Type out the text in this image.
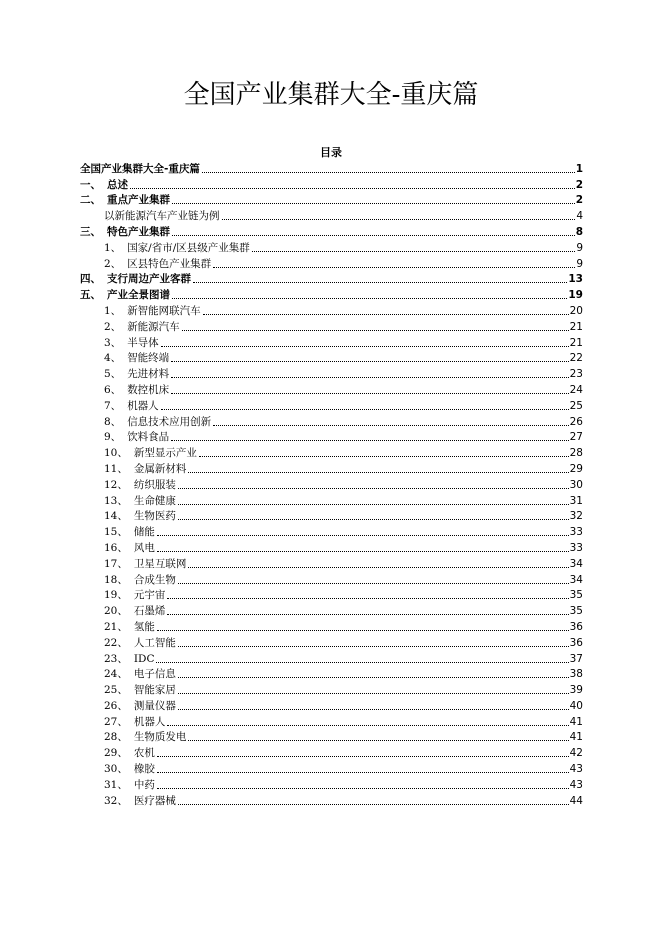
全国产业集群大全-重庆篇
目录
全国产业集群大全-重庆篇	1
一、 总述	2
二、 重点产业集群	2
以新能源汽车产业链为例	4
三、 特色产业集群	8
1、 国家/省市/区县级产业集群	9
2、 区县特色产业集群	9
四、 支行周边产业客群	13
五、 产业全景图谱	19
1、 新智能网联汽车	20
2、 新能源汽车	21
3、 半导体	21
4、 智能终端	22
5、 先进材料	23
6、 数控机床	24
7、 机器人	25
8、 信息技术应用创新	26
9、 饮料食品	27
10、 新型显示产业	28
11、 金属新材料	29
12、 纺织服装	30
13、 生命健康	31
14、 生物医药	32
15、 储能	33
16、 风电	33
17、 卫星互联网	34
18、 合成生物	34
19、 元宇宙	35
20、 石墨烯	35
21、 氢能	36
22、 人工智能	36
23、 IDC	37
24、 电子信息	38
25、 智能家居	39
26、 测量仪器	40
27、 机器人	41
28、 生物质发电	41
29、 农机	42
30、 橡胶	43
31、 中药	43
32、 医疗器械	44
